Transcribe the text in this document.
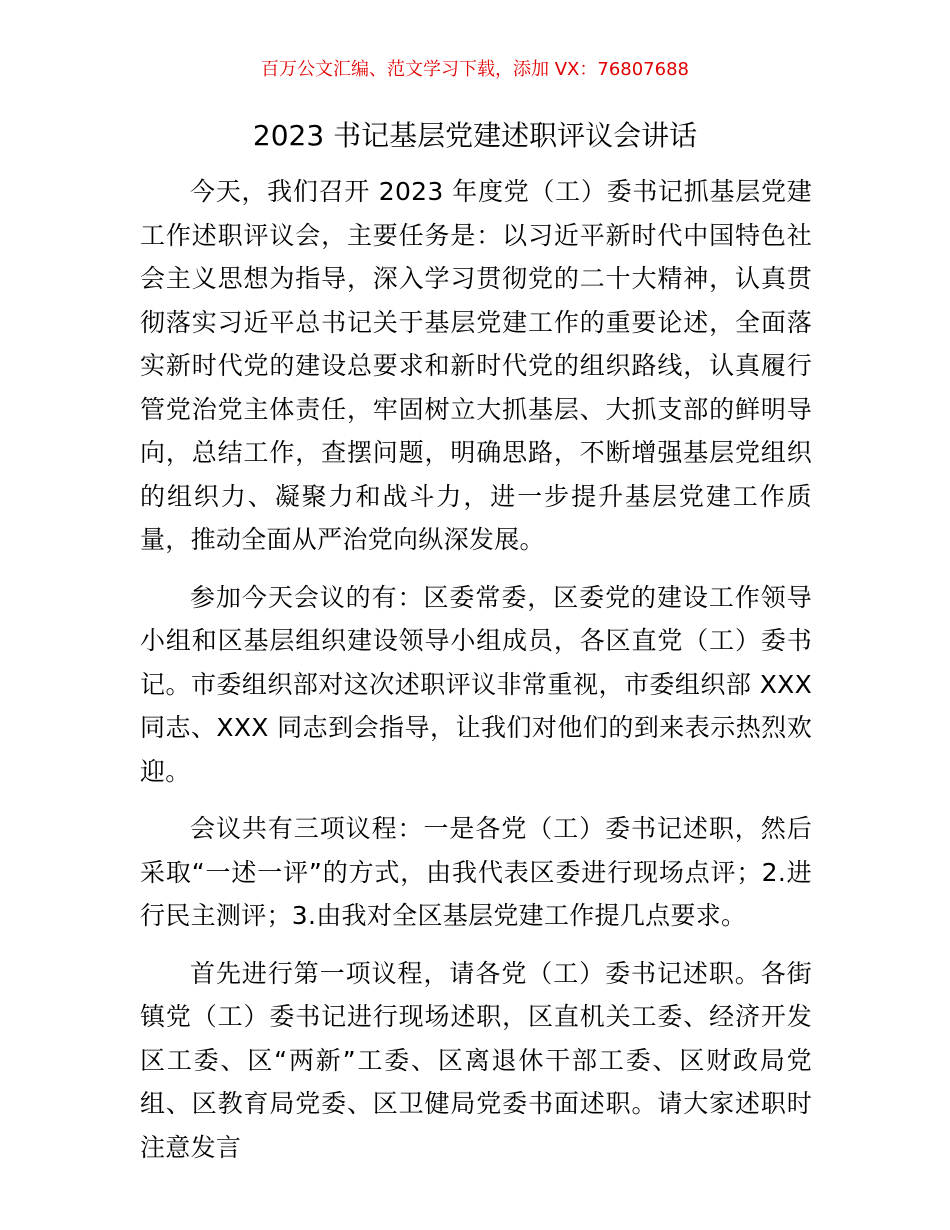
百万公文汇编、范文学习下载，添加 VX：76807688
2023 书记基层党建述职评议会讲话

今天，我们召开 2023 年度党（工）委书记抓基层党建工作述职评议会，主要任务是：以习近平新时代中国特色社会主义思想为指导，深入学习贯彻党的二十大精神，认真贯彻落实习近平总书记关于基层党建工作的重要论述，全面落实新时代党的建设总要求和新时代党的组织路线，认真履行管党治党主体责任，牢固树立大抓基层、大抓支部的鲜明导向，总结工作，查摆问题，明确思路，不断增强基层党组织的组织力、凝聚力和战斗力，进一步提升基层党建工作质量，推动全面从严治党向纵深发展。

参加今天会议的有：区委常委，区委党的建设工作领导小组和区基层组织建设领导小组成员，各区直党（工）委书记。市委组织部对这次述职评议非常重视，市委组织部 XXX 同志、XXX 同志到会指导，让我们对他们的到来表示热烈欢迎。

会议共有三项议程：一是各党（工）委书记述职，然后采取“一述一评”的方式，由我代表区委进行现场点评；2.进行民主测评；3.由我对全区基层党建工作提几点要求。

首先进行第一项议程，请各党（工）委书记述职。各街镇党（工）委书记进行现场述职，区直机关工委、经济开发区工委、区“两新”工委、区离退休干部工委、区财政局党组、区教育局党委、区卫健局党委书面述职。请大家述职时注意发言
